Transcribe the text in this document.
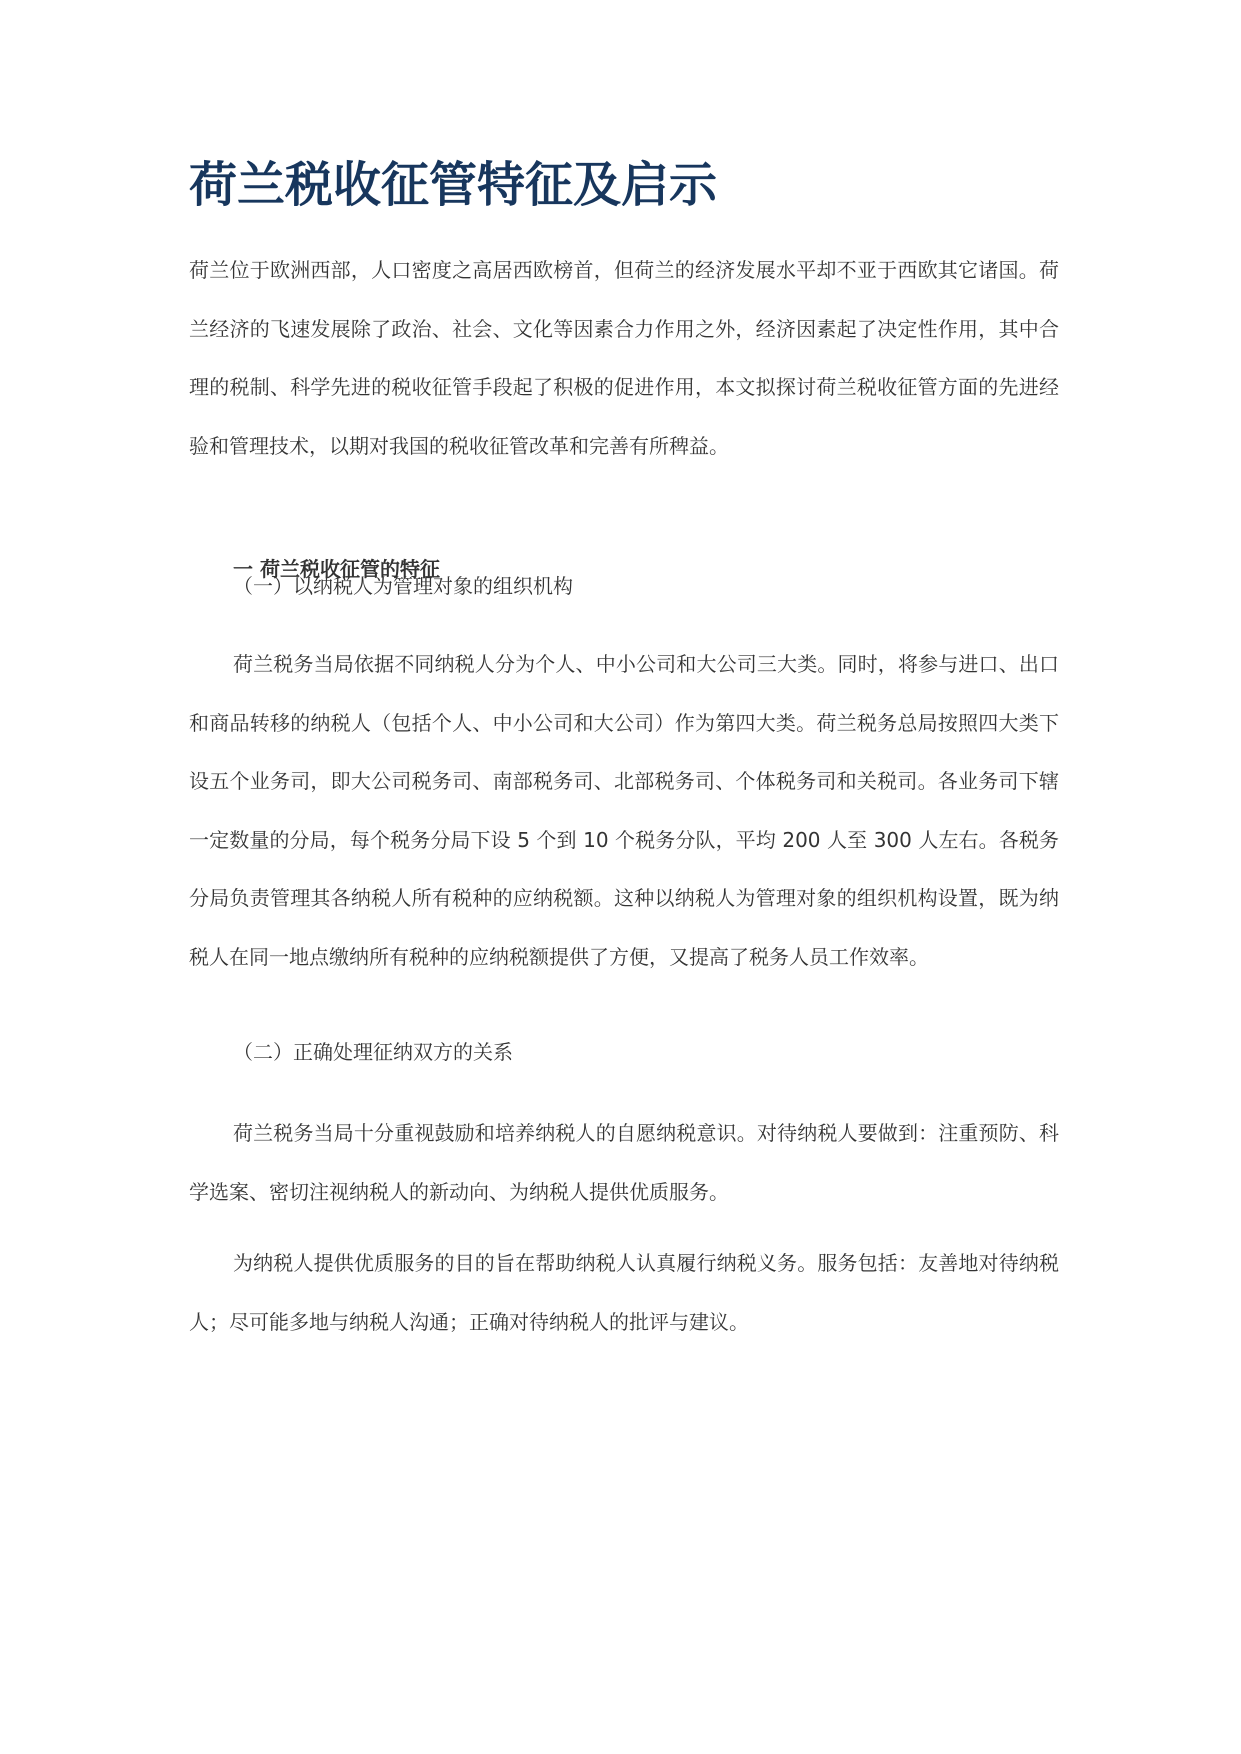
荷兰税收征管特征及启示

荷兰位于欧洲西部，人口密度之高居西欧榜首，但荷兰的经济发展水平却不亚于西欧其它诸国。荷兰经济的飞速发展除了政治、社会、文化等因素合力作用之外，经济因素起了决定性作用，其中合理的税制、科学先进的税收征管手段起了积极的促进作用，本文拟探讨荷兰税收征管方面的先进经验和管理技术，以期对我国的税收征管改革和完善有所稗益。

一 荷兰税收征管的特征

（一）以纳税人为管理对象的组织机构

荷兰税务当局依据不同纳税人分为个人、中小公司和大公司三大类。同时，将参与进口、出口和商品转移的纳税人（包括个人、中小公司和大公司）作为第四大类。荷兰税务总局按照四大类下设五个业务司，即大公司税务司、南部税务司、北部税务司、个体税务司和关税司。各业务司下辖一定数量的分局，每个税务分局下设 5 个到 10 个税务分队，平均 200 人至 300 人左右。各税务分局负责管理其各纳税人所有税种的应纳税额。这种以纳税人为管理对象的组织机构设置，既为纳税人在同一地点缴纳所有税种的应纳税额提供了方便，又提高了税务人员工作效率。

（二）正确处理征纳双方的关系

荷兰税务当局十分重视鼓励和培养纳税人的自愿纳税意识。对待纳税人要做到：注重预防、科学选案、密切注视纳税人的新动向、为纳税人提供优质服务。

为纳税人提供优质服务的目的旨在帮助纳税人认真履行纳税义务。服务包括：友善地对待纳税人；尽可能多地与纳税人沟通；正确对待纳税人的批评与建议。
